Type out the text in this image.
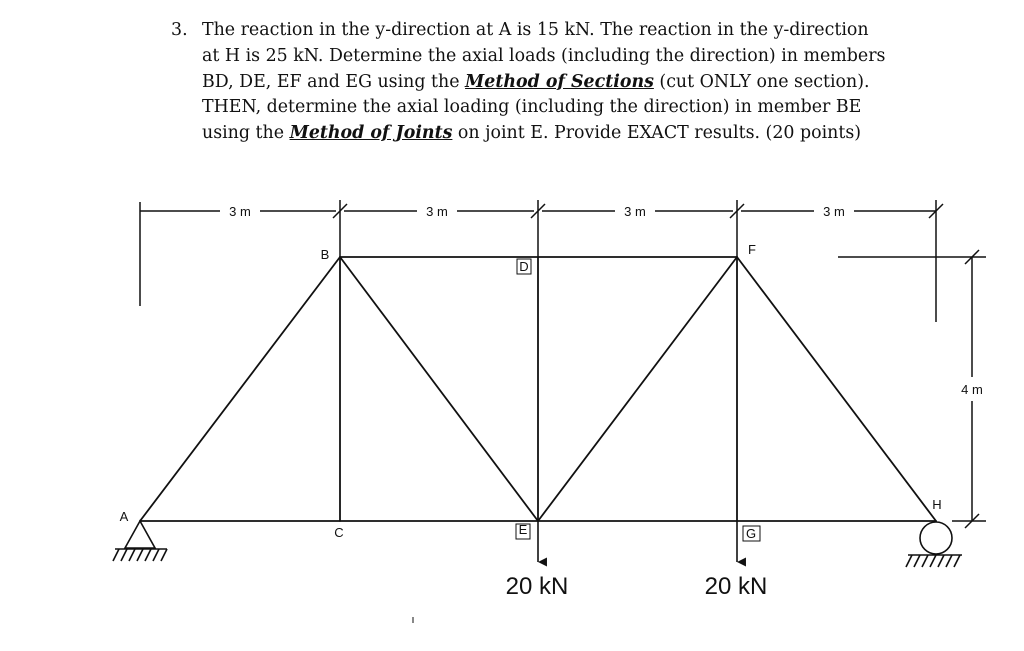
3. The reaction in the y-direction at A is 15 kN. The reaction in the y-direction at H is 25 kN. Determine the axial loads (including the direction) in members BD, DE, EF and EG using the Method of Sections (cut ONLY one section). THEN, determine the axial loading (including the direction) in member BE using the Method of Joints on joint E. Provide EXACT results. (20 points)
3 m	3 m	3 m	3 m
4 m
A
B
C
D
E
F
G
H
20 kN	20 kN
